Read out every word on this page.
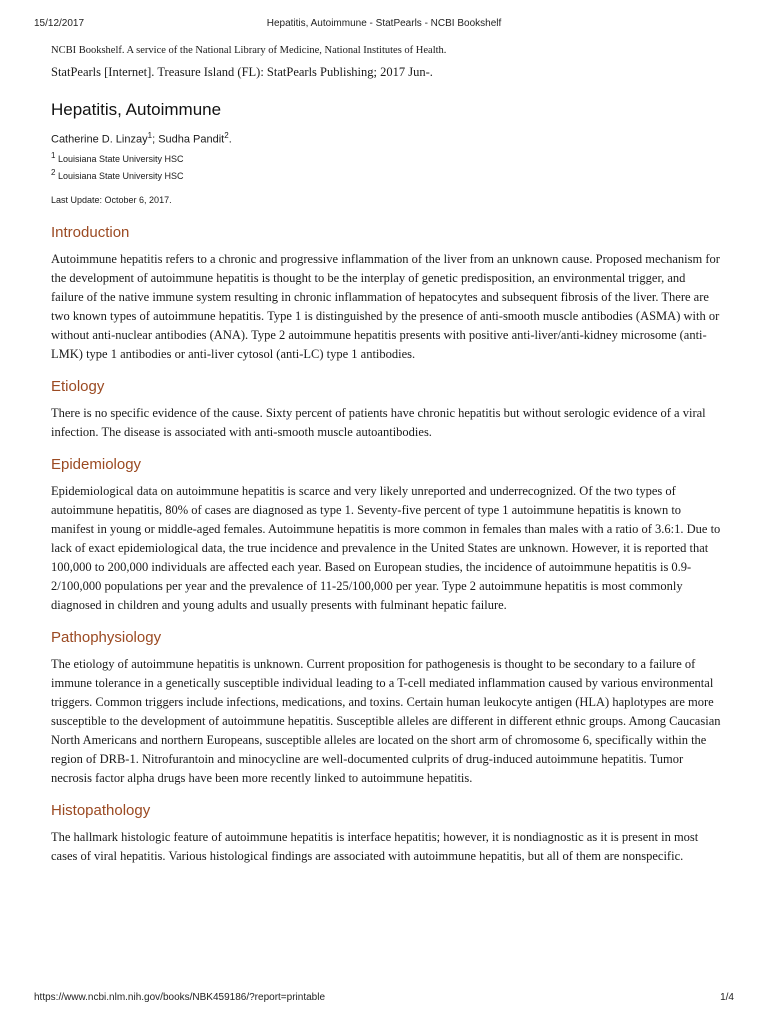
15/12/2017	Hepatitis, Autoimmune - StatPearls - NCBI Bookshelf
NCBI Bookshelf. A service of the National Library of Medicine, National Institutes of Health.
StatPearls [Internet]. Treasure Island (FL): StatPearls Publishing; 2017 Jun-.
Hepatitis, Autoimmune
Catherine D. Linzay$^1$; Sudha Pandit$^2$.
$^1$ Louisiana State University HSC
$^2$ Louisiana State University HSC
Last Update: October 6, 2017.
Introduction

Autoimmune hepatitis refers to a chronic and progressive inflammation of the liver from an unknown cause. Proposed mechanism for the development of autoimmune hepatitis is thought to be the interplay of genetic predisposition, an environmental trigger, and failure of the native immune system resulting in chronic inflammation of hepatocytes and subsequent fibrosis of the liver. There are two known types of autoimmune hepatitis. Type 1 is distinguished by the presence of anti-smooth muscle antibodies (ASMA) with or without anti-nuclear antibodies (ANA). Type 2 autoimmune hepatitis presents with positive anti-liver/anti-kidney microsome (anti-LMK) type 1 antibodies or anti-liver cytosol (anti-LC) type 1 antibodies.

Etiology

There is no specific evidence of the cause. Sixty percent of patients have chronic hepatitis but without serologic evidence of a viral infection. The disease is associated with anti-smooth muscle autoantibodies.

Epidemiology

Epidemiological data on autoimmune hepatitis is scarce and very likely unreported and underrecognized. Of the two types of autoimmune hepatitis, 80% of cases are diagnosed as type 1. Seventy-five percent of type 1 autoimmune hepatitis is known to manifest in young or middle-aged females. Autoimmune hepatitis is more common in females than males with a ratio of 3.6:1. Due to lack of exact epidemiological data, the true incidence and prevalence in the United States are unknown. However, it is reported that 100,000 to 200,000 individuals are affected each year. Based on European studies, the incidence of autoimmune hepatitis is 0.9-2/100,000 populations per year and the prevalence of 11-25/100,000 per year. Type 2 autoimmune hepatitis is most commonly diagnosed in children and young adults and usually presents with fulminant hepatic failure.

Pathophysiology

The etiology of autoimmune hepatitis is unknown. Current proposition for pathogenesis is thought to be secondary to a failure of immune tolerance in a genetically susceptible individual leading to a T-cell mediated inflammation caused by various environmental triggers. Common triggers include infections, medications, and toxins. Certain human leukocyte antigen (HLA) haplotypes are more susceptible to the development of autoimmune hepatitis. Susceptible alleles are different in different ethnic groups. Among Caucasian North Americans and northern Europeans, susceptible alleles are located on the short arm of chromosome 6, specifically within the region of DRB-1. Nitrofurantoin and minocycline are well-documented culprits of drug-induced autoimmune hepatitis. Tumor necrosis factor alpha drugs have been more recently linked to autoimmune hepatitis.

Histopathology

The hallmark histologic feature of autoimmune hepatitis is interface hepatitis; however, it is nondiagnostic as it is present in most cases of viral hepatitis. Various histological findings are associated with autoimmune hepatitis, but all of them are nonspecific.

https://www.ncbi.nlm.nih.gov/books/NBK459186/?report=printable	1/4
